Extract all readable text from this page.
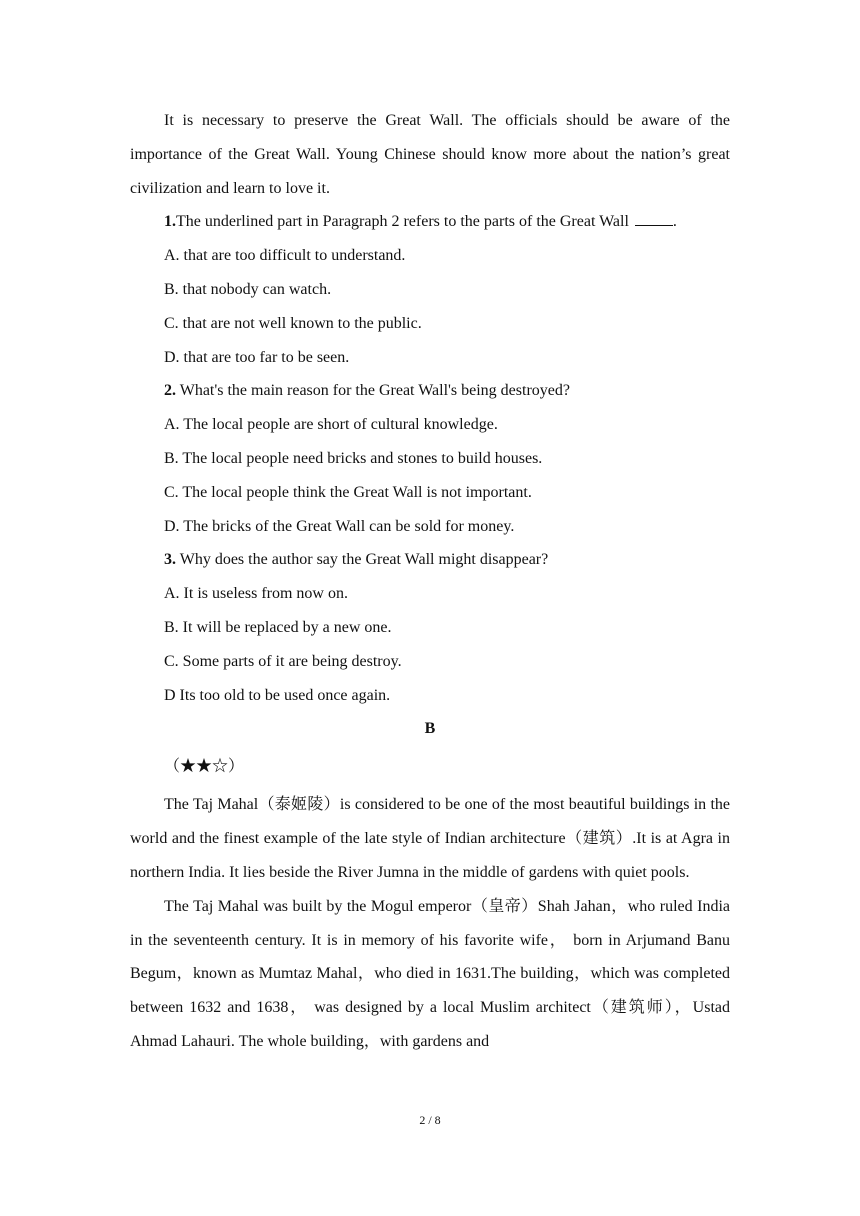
It is necessary to preserve the Great Wall. The officials should be aware of the importance of the Great Wall. Young Chinese should know more about the nation’s great civilization and learn to love it.

1.The underlined part in Paragraph 2 refers to the parts of the Great Wall	.

A. that are too difficult to understand.

B. that nobody can watch.

C. that are not well known to the public.

D. that are too far to be seen.

2. What's the main reason for the Great Wall's being destroyed?

A. The local people are short of cultural knowledge.

B. The local people need bricks and stones to build houses.

C. The local people think the Great Wall is not important.

D. The bricks of the Great Wall can be sold for money.

3. Why does the author say the Great Wall might disappear?

A. It is useless from now on.

B. It will be replaced by a new one.

C. Some parts of it are being destroy.

D Its too old to be used once again.

B

（★★☆）

The Taj Mahal（泰姬陵）is considered to be one of the most beautiful buildings in the world and the finest example of the late style of Indian architecture（建筑）.It is at Agra in northern India. It lies beside the River Jumna in the middle of gardens with quiet pools.

The Taj Mahal was built by the Mogul emperor（皇帝）Shah Jahan，who ruled India in the seventeenth century. It is in memory of his favorite wife， born in Arjumand Banu Begum，known as Mumtaz Mahal，who died in 1631.The building，which was completed between 1632 and 1638， was designed by a local Muslim architect（建筑师），Ustad Ahmad Lahauri. The whole building，with gardens and

2 / 8
